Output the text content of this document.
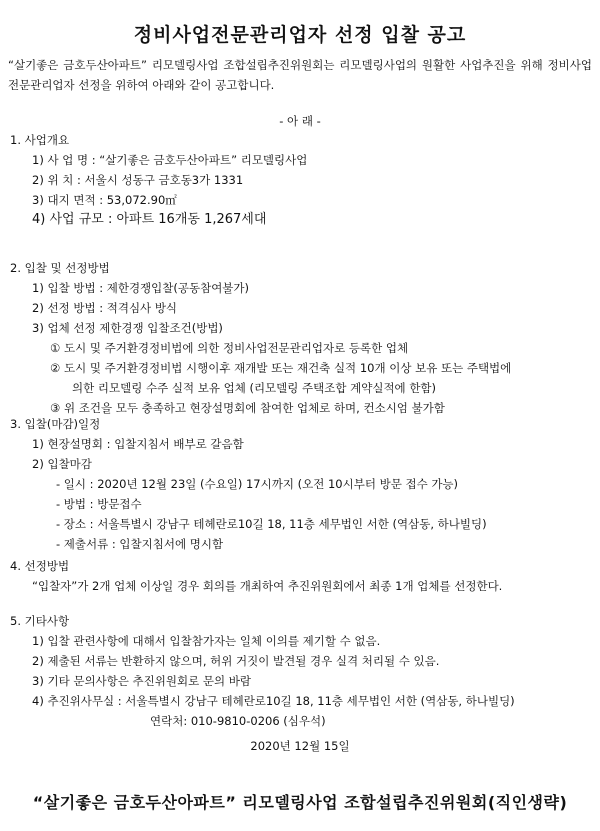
정비사업전문관리업자 선정 입찰 공고
“살기좋은 금호두산아파트” 리모델링사업 조합설립추진위원회는 리모델링사업의 원활한 사업추진을 위해 정비사업전문관리업자 선정을 위하여 아래와 같이 공고합니다.
- 아 래 -
1. 사업개요
1) 사 업 명 : “살기좋은 금호두산아파트” 리모델링사업
2) 위 치 : 서울시 성동구 금호동3가 1331
3) 대지 면적 : 53,072.90㎡
4) 사업 규모 : 아파트 16개동 1,267세대
2. 입찰 및 선정방법
1) 입찰 방법 : 제한경쟁입찰(공동참여불가)
2) 선정 방법 : 적격심사 방식
3) 업체 선정 제한경쟁 입찰조건(방법)
① 도시 및 주거환경정비법에 의한 정비사업전문관리업자로 등록한 업체
② 도시 및 주거환경정비법 시행이후 재개발 또는 재건축 실적 10개 이상 보유 또는 주택법에
의한 리모델링 수주 실적 보유 업체 (리모델링 주택조합 계약실적에 한함)
③ 위 조건을 모두 충족하고 현장설명회에 참여한 업체로 하며, 컨소시엄 불가함
3. 입찰(마감)일정
1) 현장설명회 : 입찰지침서 배부로 갈음함
2) 입찰마감
- 일시 : 2020년 12월 23일 (수요일) 17시까지 (오전 10시부터 방문 접수 가능)
- 방법 : 방문접수
- 장소 : 서울특별시 강남구 테헤란로10길 18, 11층 세무법인 서한 (역삼동, 하나빌딩)
- 제출서류 : 입찰지침서에 명시함
4. 선정방법
“입찰자”가 2개 업체 이상일 경우 회의를 개최하여 추진위원회에서 최종 1개 업체를 선정한다.
5. 기타사항
1) 입찰 관련사항에 대해서 입찰참가자는 일체 이의를 제기할 수 없음.
2) 제출된 서류는 반환하지 않으며, 허위 거짓이 발견될 경우 실격 처리될 수 있음.
3) 기타 문의사항은 추진위원회로 문의 바람
4) 추진위사무실 : 서울특별시 강남구 테헤란로10길 18, 11층 세무법인 서한 (역삼동, 하나빌딩)
연락처: 010-9810-0206 (심우석)
2020년 12월 15일
“살기좋은 금호두산아파트” 리모델링사업 조합설립추진위원회(직인생략)
